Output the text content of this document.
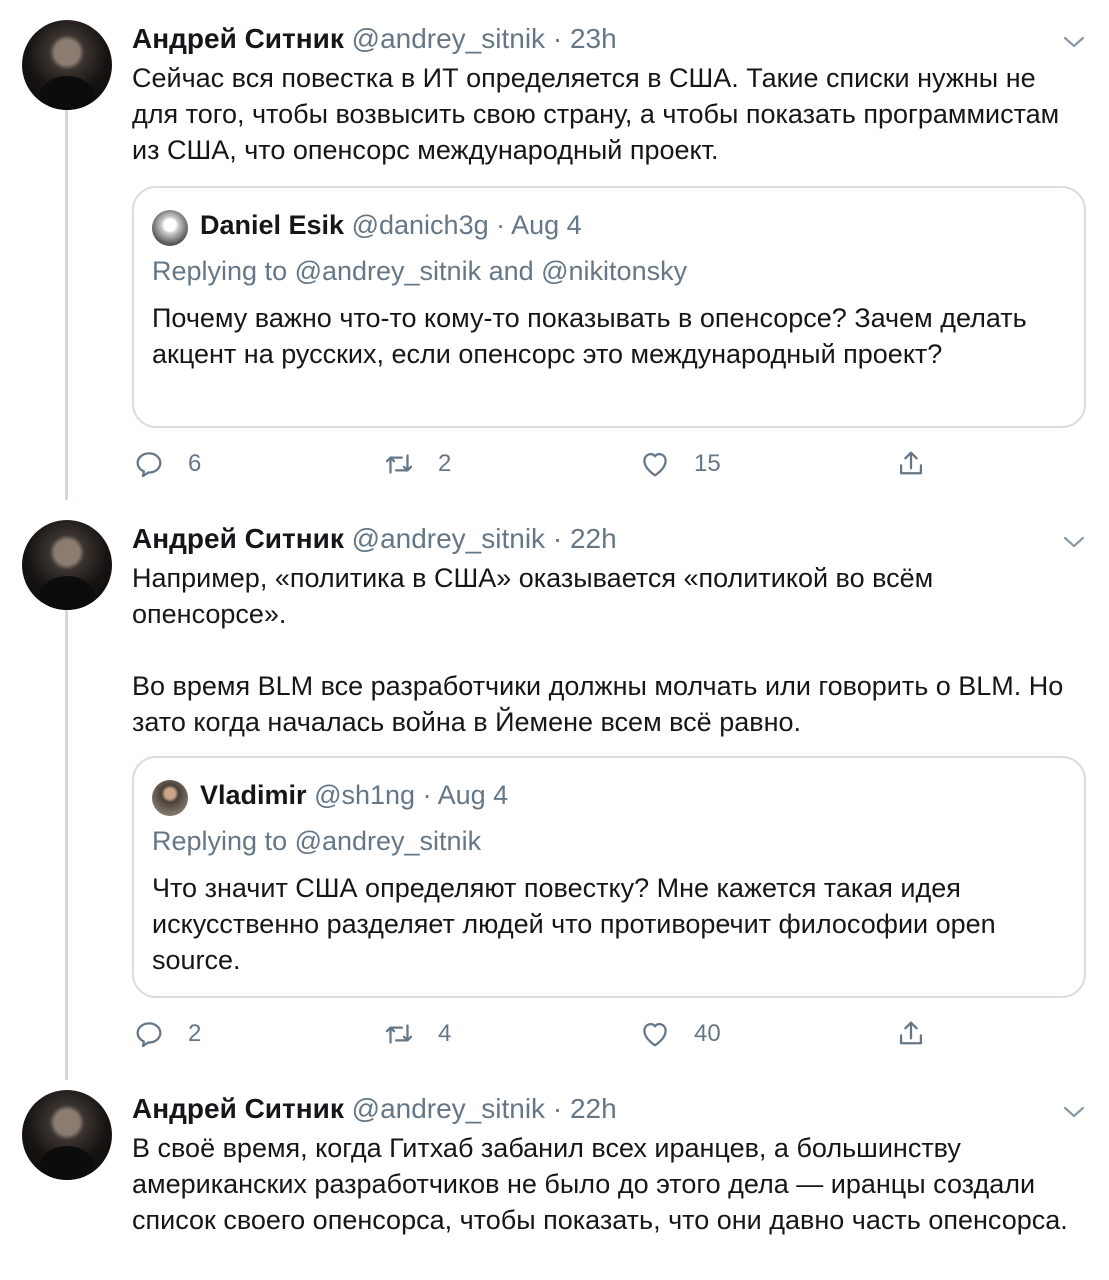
Андрей Ситник @andrey_sitnik · 23h
Сейчас вся повестка в ИТ определяется в США. Такие списки нужны не для того, чтобы возвысить свою страну, а чтобы показать программистам из США, что опенсорс международный проект.
Daniel Esik @danich3g · Aug 4
Replying to @andrey_sitnik and @nikitonsky
Почему важно что-то кому-то показывать в опенсорсе? Зачем делать акцент на русских, если опенсорс это международный проект?
6	2	15
Андрей Ситник @andrey_sitnik · 22h

Например, «политика в США» оказывается «политикой во всём опенсорсе».

Во время BLM все разработчики должны молчать или говорить о BLM. Но зато когда началась война в Йемене всем всё равно.

Vladimir @sh1ng · Aug 4
Replying to @andrey_sitnik
Что значит США определяют повестку? Мне кажется такая идея искусственно разделяет людей что противоречит философии open source.
2	4	40
Андрей Ситник @andrey_sitnik · 22h
В своё время, когда Гитхаб забанил всех иранцев, а большинству американских разработчиков не было до этого дела — иранцы создали список своего опенсорса, чтобы показать, что они давно часть опенсорса.
